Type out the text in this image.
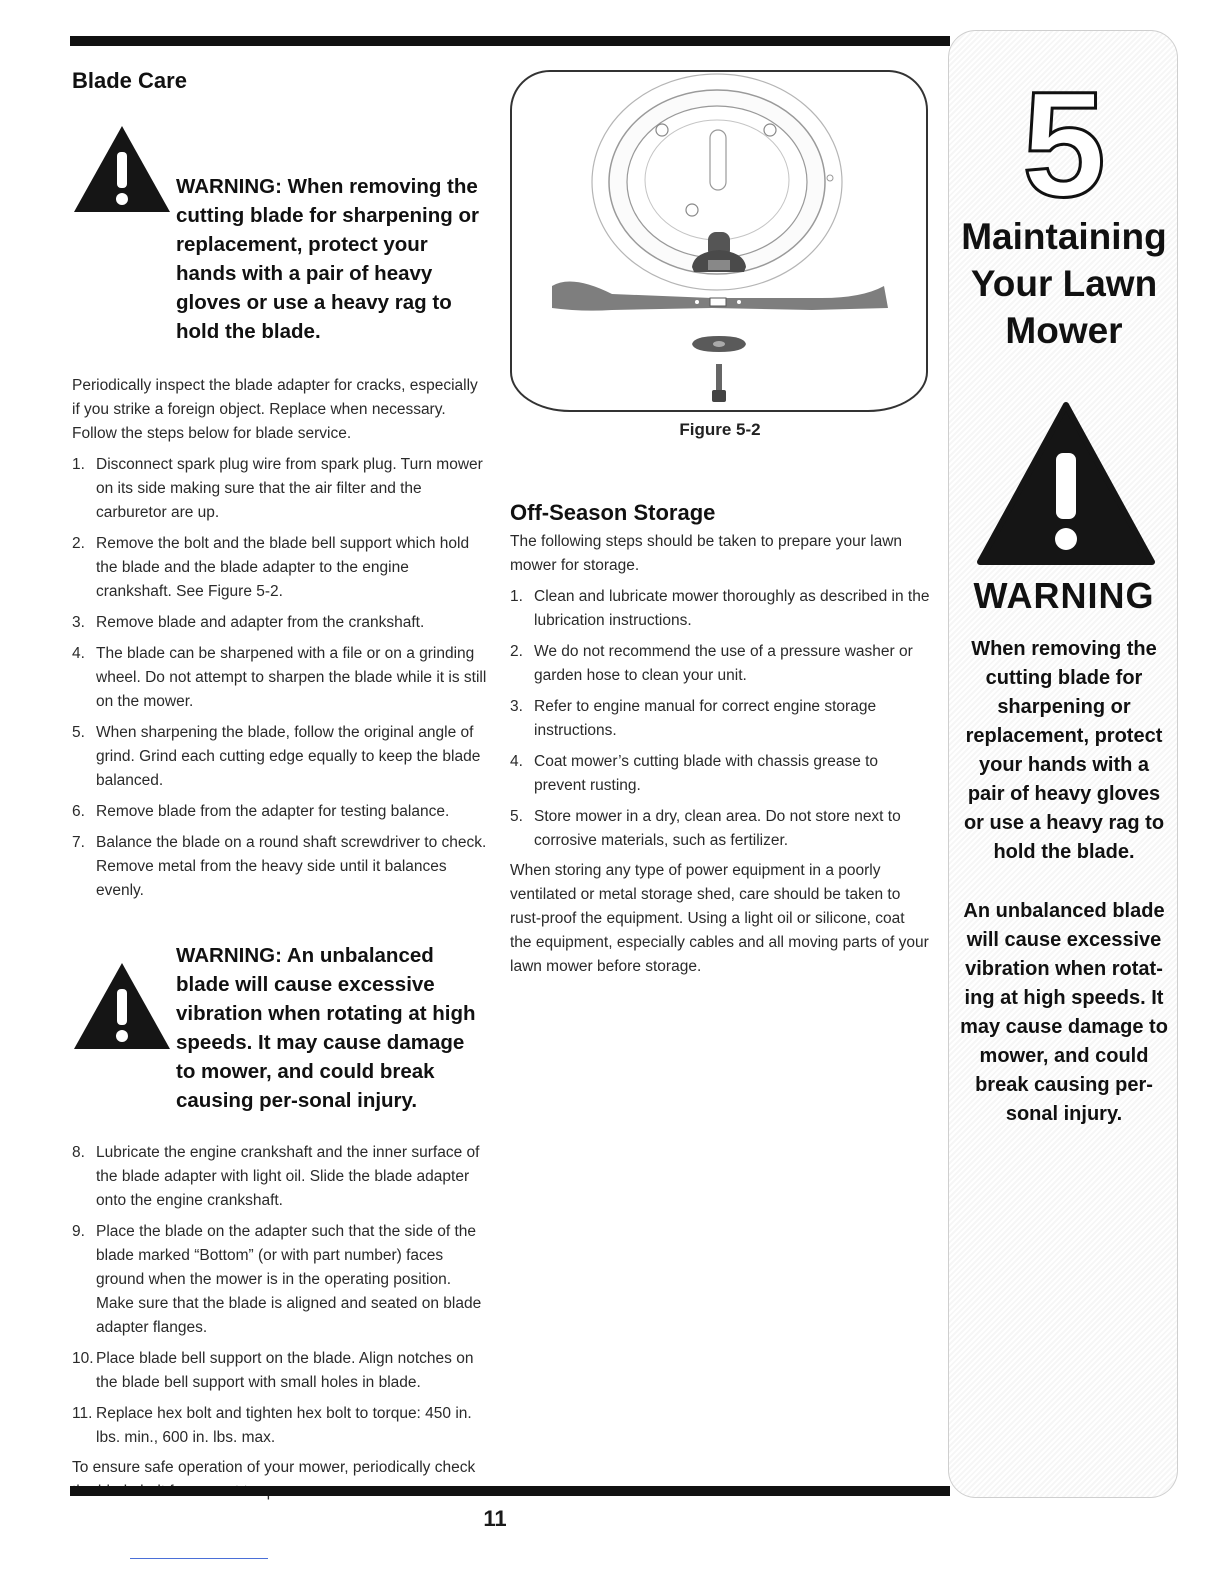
Blade Care
WARNING: When removing the cutting blade for sharpening or replacement, protect your hands with a pair of heavy gloves or use a heavy rag to hold the blade.

Periodically inspect the blade adapter for cracks, especially if you strike a foreign object. Replace when necessary. Follow the steps below for blade service.

1. Disconnect spark plug wire from spark plug. Turn mower on its side making sure that the air filter and the carburetor are up.
2. Remove the bolt and the blade bell support which hold the blade and the blade adapter to the engine crankshaft. See Figure 5-2.
3. Remove blade and adapter from the crankshaft.
4. The blade can be sharpened with a file or on a grinding wheel. Do not attempt to sharpen the blade while it is still on the mower.
5. When sharpening the blade, follow the original angle of grind. Grind each cutting edge equally to keep the blade balanced.
6. Remove blade from the adapter for testing balance.
7. Balance the blade on a round shaft screwdriver to check. Remove metal from the heavy side until it balances evenly.
WARNING: An unbalanced blade will cause excessive vibration when rotating at high speeds. It may cause damage to mower, and could break causing per-sonal injury.
8. Lubricate the engine crankshaft and the inner surface of the blade adapter with light oil. Slide the blade adapter onto the engine crankshaft.
9. Place the blade on the adapter such that the side of the blade marked “Bottom” (or with part number) faces ground when the mower is in the operating position. Make sure that the blade is aligned and seated on blade adapter flanges.
10. Place blade bell support on the blade. Align notches on the blade bell support with small holes in blade.
11. Replace hex bolt and tighten hex bolt to torque: 450 in. lbs. min., 600 in. lbs. max.

To ensure safe operation of your mower, periodically check

Figure 5-2
Off-Season Storage

The following steps should be taken to prepare your lawn mower for storage.

1. Clean and lubricate mower thoroughly as described in the lubrication instructions.
2. We do not recommend the use of a pressure washer or garden hose to clean your unit.
3. Refer to engine manual for correct engine storage instructions.
4. Coat mower’s cutting blade with chassis grease to prevent rusting.
5. Store mower in a dry, clean area. Do not store next to corrosive materials, such as fertilizer.

When storing any type of power equipment in a poorly ventilated or metal storage shed, care should be taken to rust-proof the equipment. Using a light oil or silicone, coat the equipment, especially cables and all moving parts of your lawn mower before storage.

5
Maintaining Your Lawn Mower
WARNING
When removing the cutting blade for sharpening or replacement, protect your hands with a pair of heavy gloves or use a heavy rag to hold the blade.
An unbalanced blade will cause excessive vibration when rotat-ing at high speeds. It may cause damage to mower, and could break causing per-sonal injury.
11
